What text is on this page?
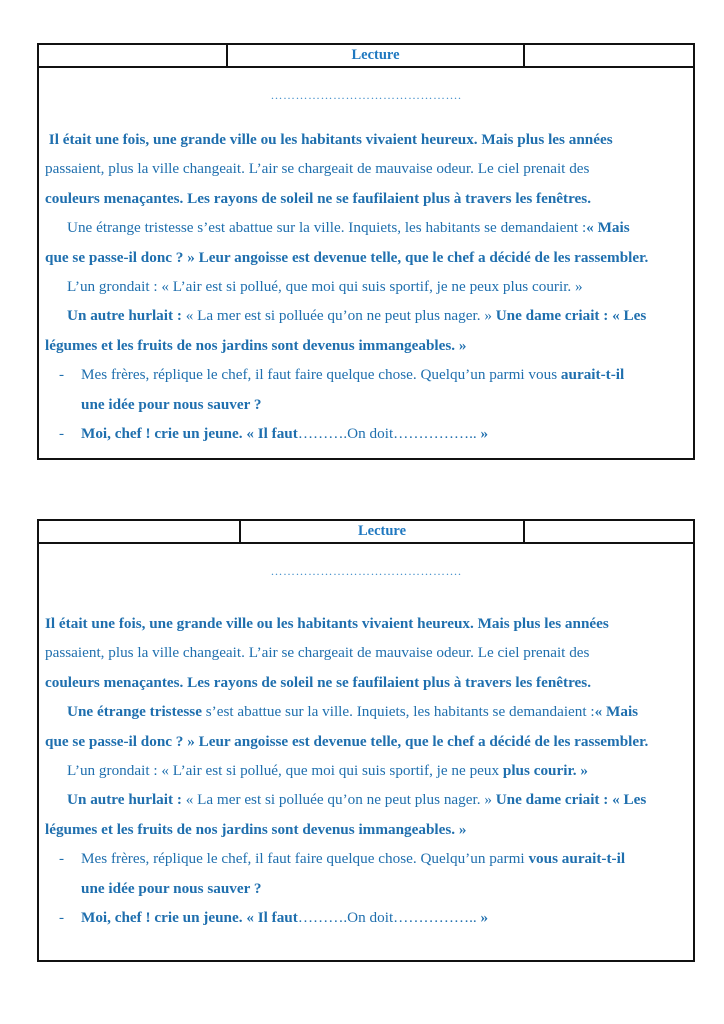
Lecture
……………………………………….
Il était une fois, une grande ville ou les habitants vivaient heureux. Mais plus les années
passaient, plus la ville changeait. L’air se chargeait de mauvaise odeur. Le ciel prenait des
couleurs menaçantes. Les rayons de soleil ne se faufilaient plus à travers les fenêtres.
Une étrange tristesse s’est abattue sur la ville. Inquiets, les habitants se demandaient :« Mais
que se passe-il donc ? » Leur angoisse est devenue telle, que le chef a décidé de les rassembler.
L’un grondait : « L’air est si pollué, que moi qui suis sportif, je ne peux plus courir. »
Un autre hurlait : « La mer est si polluée qu’on ne peut plus nager. » Une dame criait : « Les
légumes et les fruits de nos jardins sont devenus immangeables. »
- Mes frères, réplique le chef, il faut faire quelque chose. Quelqu’un parmi vous aurait-t-il
une idée pour nous sauver ?
- Moi, chef ! crie un jeune. « Il faut……….On doit…………….. »
Lecture
……………………………………….
Il était une fois, une grande ville ou les habitants vivaient heureux. Mais plus les années
passaient, plus la ville changeait. L’air se chargeait de mauvaise odeur. Le ciel prenait des
couleurs menaçantes. Les rayons de soleil ne se faufilaient plus à travers les fenêtres.
Une étrange tristesse s’est abattue sur la ville. Inquiets, les habitants se demandaient :« Mais
que se passe-il donc ? » Leur angoisse est devenue telle, que le chef a décidé de les rassembler.
L’un grondait : « L’air est si pollué, que moi qui suis sportif, je ne peux plus courir. »
Un autre hurlait : « La mer est si polluée qu’on ne peut plus nager. » Une dame criait : « Les
légumes et les fruits de nos jardins sont devenus immangeables. »
- Mes frères, réplique le chef, il faut faire quelque chose. Quelqu’un parmi vous aurait-t-il
une idée pour nous sauver ?
- Moi, chef ! crie un jeune. « Il faut……….On doit…………….. »
